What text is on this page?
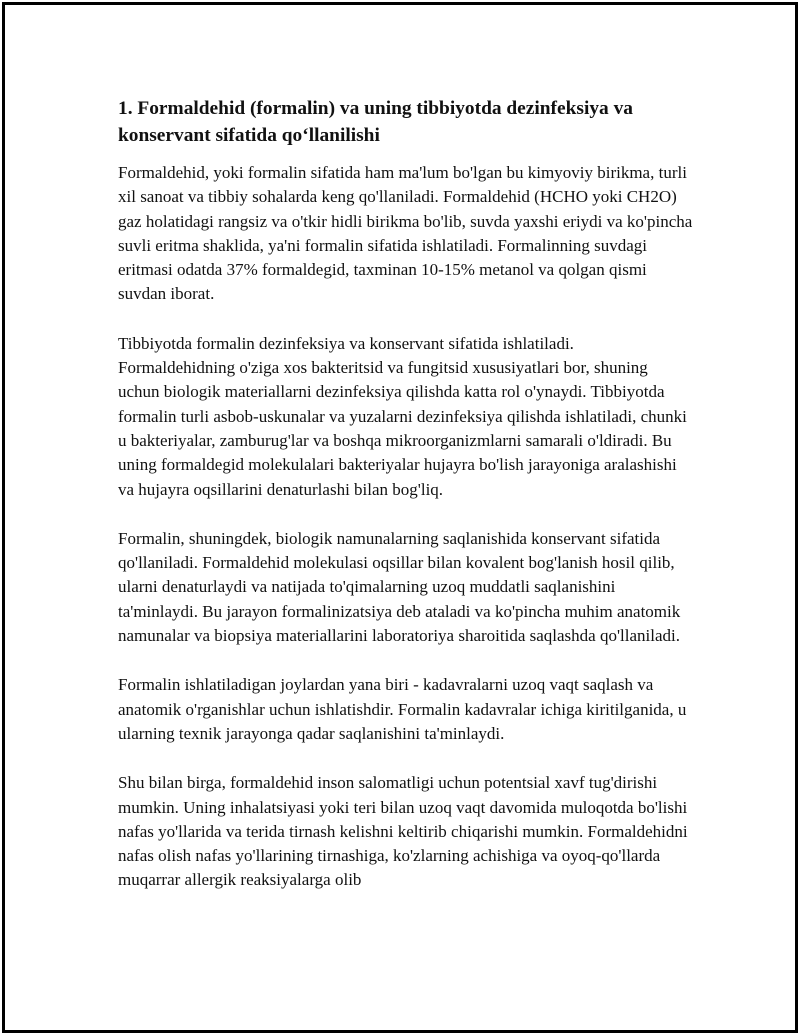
1. Formaldehid (formalin) va uning tibbiyotda dezinfeksiya va konservant sifatida qo‘llanilishi

Formaldehid, yoki formalin sifatida ham ma'lum bo'lgan bu kimyoviy birikma, turli xil sanoat va tibbiy sohalarda keng qo'llaniladi. Formaldehid (HCHO yoki CH2O) gaz holatidagi rangsiz va o'tkir hidli birikma bo'lib, suvda yaxshi eriydi va ko'pincha suvli eritma shaklida, ya'ni formalin sifatida ishlatiladi. Formalinning suvdagi eritmasi odatda 37% formaldegid, taxminan 10-15% metanol va qolgan qismi suvdan iborat.

Tibbiyotda formalin dezinfeksiya va konservant sifatida ishlatiladi. Formaldehidning o'ziga xos bakteritsid va fungitsid xususiyatlari bor, shuning uchun biologik materiallarni dezinfeksiya qilishda katta rol o'ynaydi. Tibbiyotda formalin turli asbob-uskunalar va yuzalarni dezinfeksiya qilishda ishlatiladi, chunki u bakteriyalar, zamburug'lar va boshqa mikroorganizmlarni samarali o'ldiradi. Bu uning formaldegid molekulalari bakteriyalar hujayra bo'lish jarayoniga aralashishi va hujayra oqsillarini denaturlashi bilan bog'liq.

Formalin, shuningdek, biologik namunalarning saqlanishida konservant sifatida qo'llaniladi. Formaldehid molekulasi oqsillar bilan kovalent bog'lanish hosil qilib, ularni denaturlaydi va natijada to'qimalarning uzoq muddatli saqlanishini ta'minlaydi. Bu jarayon formalinizatsiya deb ataladi va ko'pincha muhim anatomik namunalar va biopsiya materiallarini laboratoriya sharoitida saqlashda qo'llaniladi.

Formalin ishlatiladigan joylardan yana biri - kadavralarni uzoq vaqt saqlash va anatomik o'rganishlar uchun ishlatishdir. Formalin kadavralar ichiga kiritilganida, u ularning texnik jarayonga qadar saqlanishini ta'minlaydi.

Shu bilan birga, formaldehid inson salomatligi uchun potentsial xavf tug'dirishi mumkin. Uning inhalatsiyasi yoki teri bilan uzoq vaqt davomida muloqotda bo'lishi nafas yo'llarida va terida tirnash kelishni keltirib chiqarishi mumkin. Formaldehidni nafas olish nafas yo'llarining tirnashiga, ko'zlarning achishiga va oyoq-qo'llarda muqarrar allergik reaksiyalarga olib
